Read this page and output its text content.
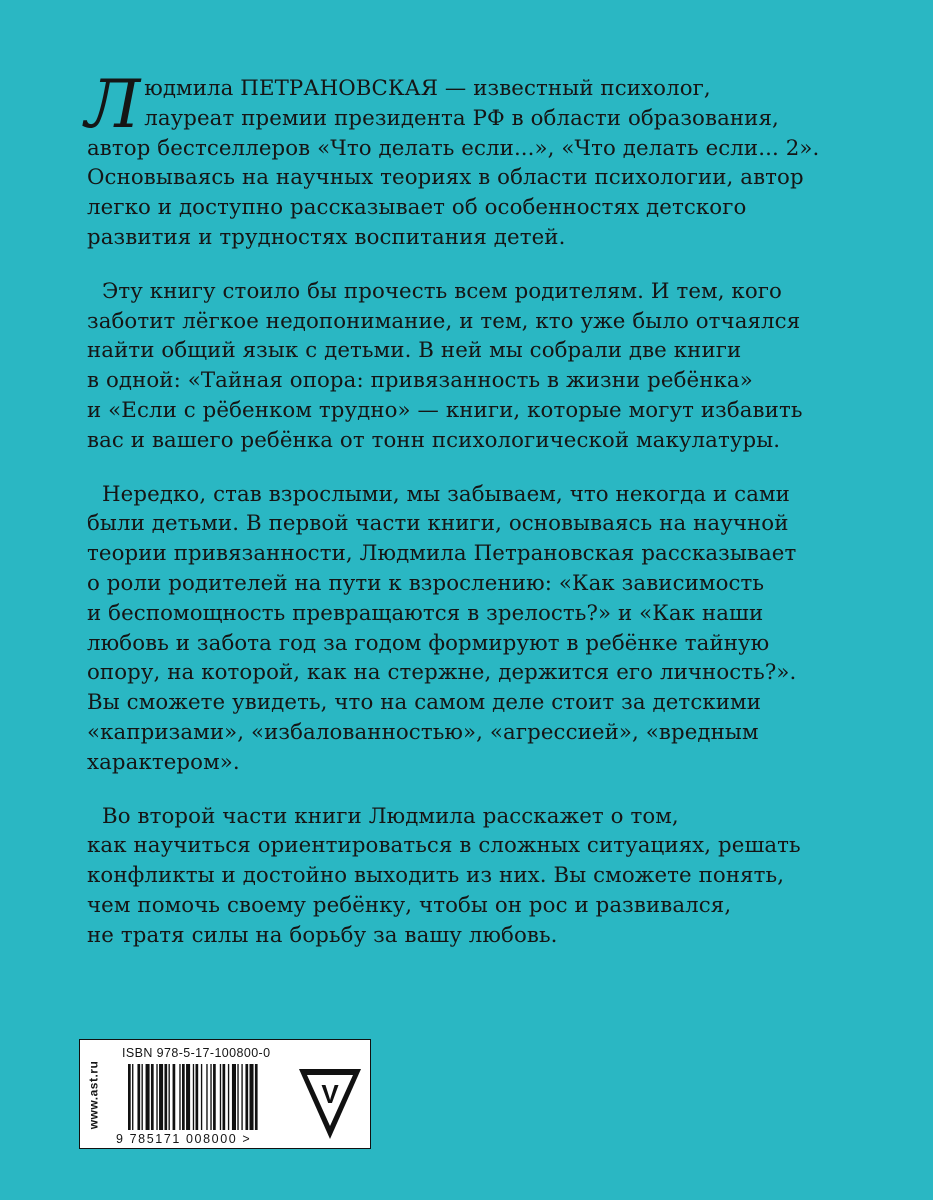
Людмила ПЕТРАНОВСКАЯ — известный психолог,
лауреат премии президента РФ в области образования,
автор бестселлеров «Что делать если...», «Что делать если... 2».
Основываясь на научных теориях в области психологии, автор
легко и доступно рассказывает об особенностях детского
развития и трудностях воспитания детей.

Эту книгу стоило бы прочесть всем родителям. И тем, кого
заботит лёгкое недопонимание, и тем, кто уже было отчаялся
найти общий язык с детьми. В ней мы собрали две книги
в одной: «Тайная опора: привязанность в жизни ребёнка»
и «Если с рёбенком трудно» — книги, которые могут избавить
вас и вашего ребёнка от тонн психологической макулатуры.

Нередко, став взрослыми, мы забываем, что некогда и сами
были детьми. В первой части книги, основываясь на научной
теории привязанности, Людмила Петрановская рассказывает
о роли родителей на пути к взрослению: «Как зависимость
и беспомощность превращаются в зрелость?» и «Как наши
любовь и забота год за годом формируют в ребёнке тайную
опору, на которой, как на стержне, держится его личность?».
Вы сможете увидеть, что на самом деле стоит за детскими
«капризами», «избалованностью», «агрессией», «вредным
характером».

Во второй части книги Людмила расскажет о том,
как научиться ориентироваться в сложных ситуациях, решать
конфликты и достойно выходить из них. Вы сможете понять,
чем помочь своему ребёнку, чтобы он рос и развивался,
не тратя силы на борьбу за вашу любовь.

www.ast.ru
ISBN 978-5-17-100800-0
9 785171 008000 >
V
